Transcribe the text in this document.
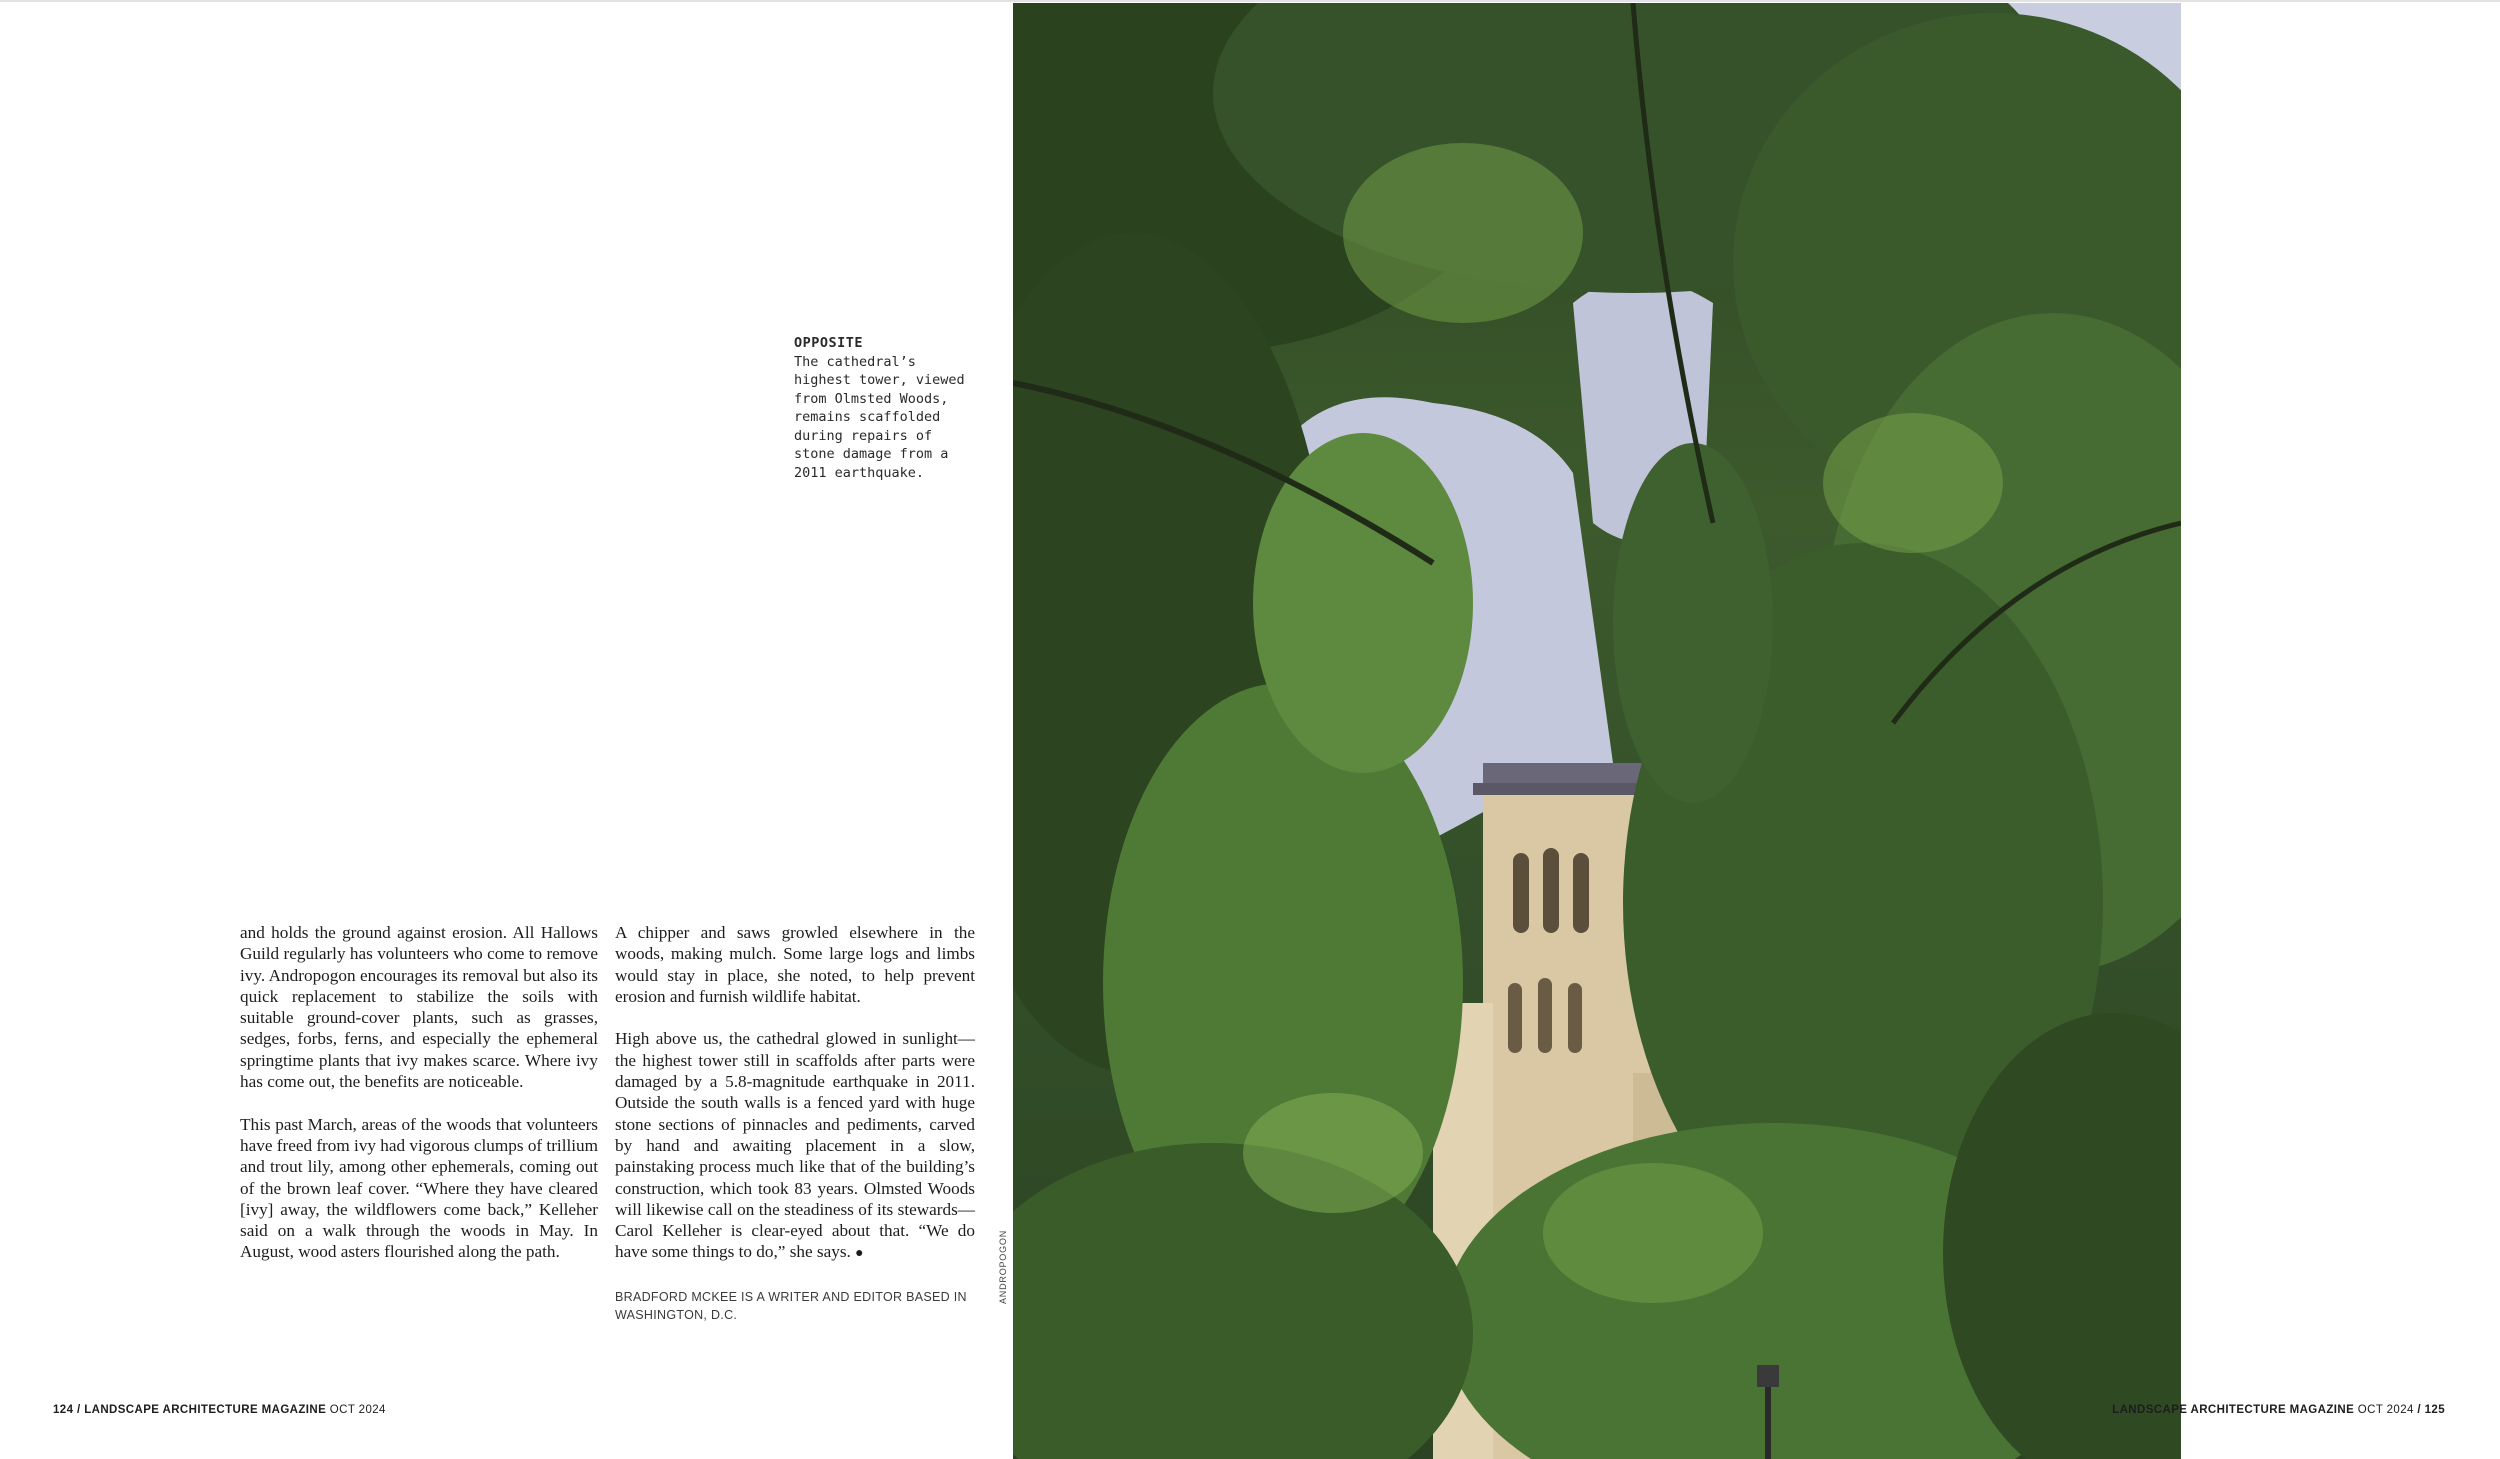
OPPOSITE
The cathedral’s highest tower, viewed from Olmsted Woods, remains scaffolded during repairs of stone damage from a 2011 earthquake.

and holds the ground against erosion. All Hallows Guild regularly has volunteers who come to remove ivy. Andropogon encourages its removal but also its quick replacement to stabilize the soils with suitable ground-cover plants, such as grasses, sedges, forbs, ferns, and especially the ephemeral springtime plants that ivy makes scarce. Where ivy has come out, the benefits are noticeable.

This past March, areas of the woods that volunteers have freed from ivy had vigorous clumps of trillium and trout lily, among other ephemerals, coming out of the brown leaf cover. “Where they have cleared [ivy] away, the wildflowers come back,” Kelleher said on a walk through the woods in May. In August, wood asters flourished along the path.

A chipper and saws growled elsewhere in the woods, making mulch. Some large logs and limbs would stay in place, she noted, to help prevent erosion and furnish wildlife habitat.

High above us, the cathedral glowed in sunlight—the highest tower still in scaffolds after parts were damaged by a 5.8-magnitude earthquake in 2011. Outside the south walls is a fenced yard with huge stone sections of pinnacles and pediments, carved by hand and awaiting placement in a slow, painstaking process much like that of the building’s construction, which took 83 years. Olmsted Woods will likewise call on the steadiness of its stewards—Carol Kelleher is clear-eyed about that. “We do have some things to do,” she says. ●

BRADFORD MCKEE IS A WRITER AND EDITOR BASED IN WASHINGTON, D.C.
ANDROPOGON
124 / LANDSCAPE ARCHITECTURE MAGAZINE OCT 2024	LANDSCAPE ARCHITECTURE MAGAZINE OCT 2024 / 125
